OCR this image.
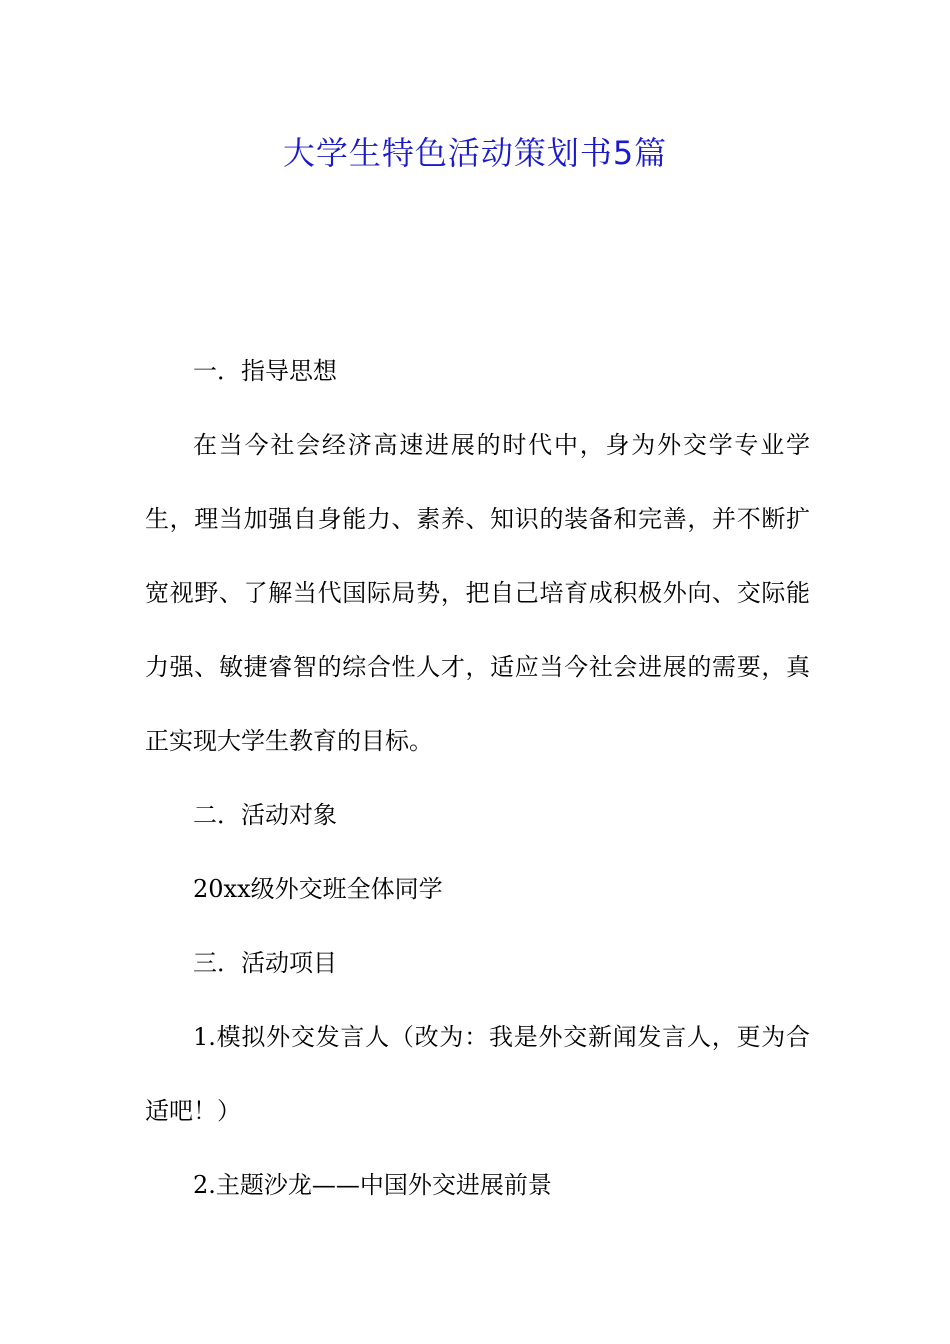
大学生特色活动策划书5篇

一．指导思想

在当今社会经济高速进展的时代中，身为外交学专业学生，理当加强自身能力、素养、知识的装备和完善，并不断扩宽视野、了解当代国际局势，把自己培育成积极外向、交际能力强、敏捷睿智的综合性人才，适应当今社会进展的需要，真正实现大学生教育的目标。

二．活动对象

20xx级外交班全体同学

三．活动项目

1.模拟外交发言人（改为：我是外交新闻发言人，更为合适吧！）

2.主题沙龙——中国外交进展前景
